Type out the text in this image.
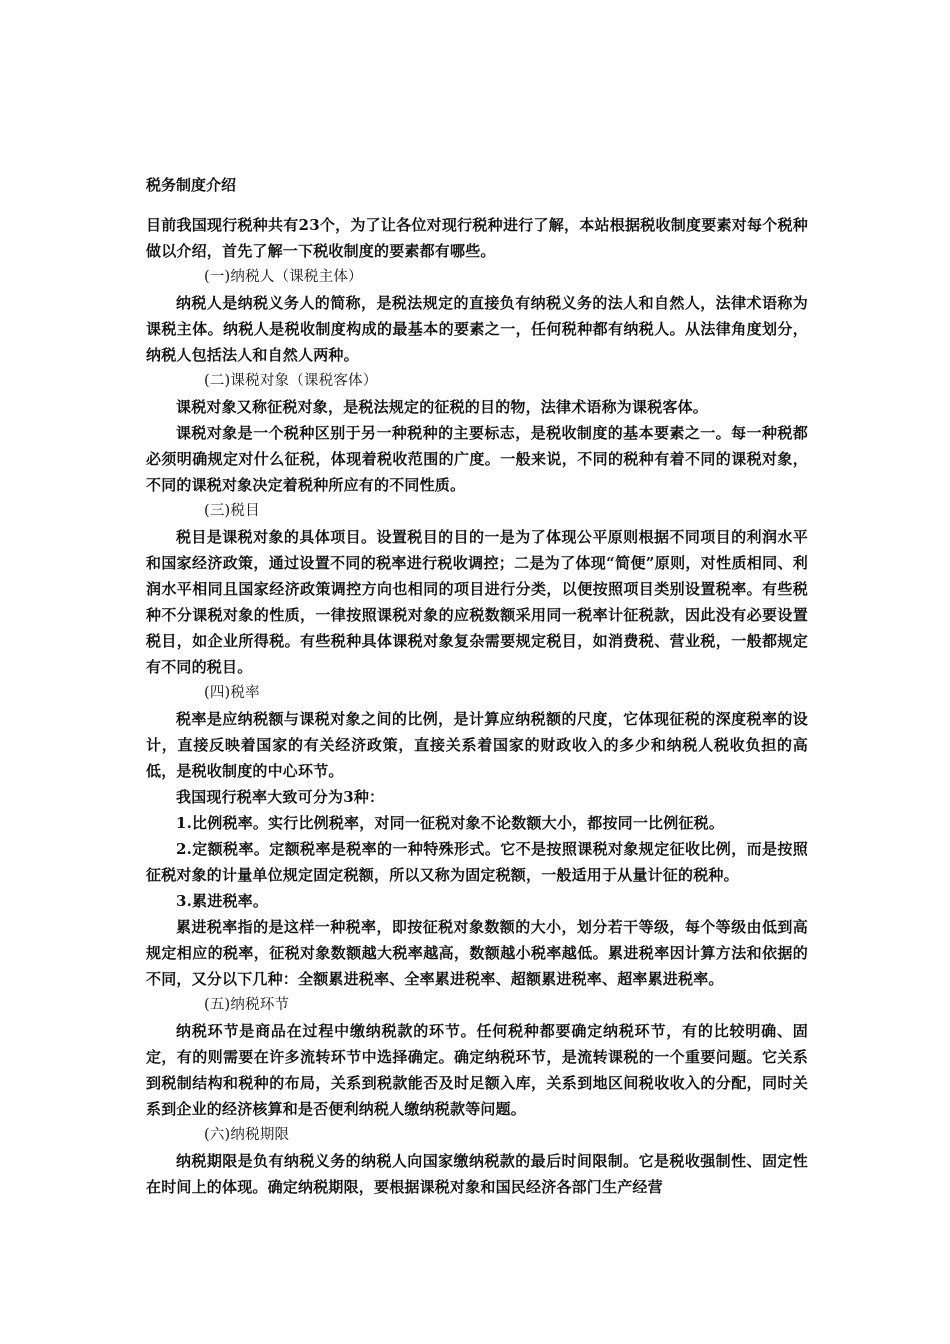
税务制度介绍

目前我国现行税种共有23个，为了让各位对现行税种进行了解，本站根据税收制度要素对每个税种做以介绍，首先了解一下税收制度的要素都有哪些。

(一)纳税人（课税主体）

纳税人是纳税义务人的简称，是税法规定的直接负有纳税义务的法人和自然人，法律术语称为课税主体。纳税人是税收制度构成的最基本的要素之一，任何税种都有纳税人。从法律角度划分，纳税人包括法人和自然人两种。

(二)课税对象（课税客体）

课税对象又称征税对象，是税法规定的征税的目的物，法律术语称为课税客体。

课税对象是一个税种区别于另一种税种的主要标志，是税收制度的基本要素之一。每一种税都必须明确规定对什么征税，体现着税收范围的广度。一般来说，不同的税种有着不同的课税对象，不同的课税对象决定着税种所应有的不同性质。

(三)税目

税目是课税对象的具体项目。设置税目的目的一是为了体现公平原则根据不同项目的利润水平和国家经济政策，通过设置不同的税率进行税收调控；二是为了体现“简便”原则，对性质相同、利润水平相同且国家经济政策调控方向也相同的项目进行分类，以便按照项目类别设置税率。有些税种不分课税对象的性质，一律按照课税对象的应税数额采用同一税率计征税款，因此没有必要设置税目，如企业所得税。有些税种具体课税对象复杂需要规定税目，如消费税、营业税，一般都规定有不同的税目。

(四)税率

税率是应纳税额与课税对象之间的比例，是计算应纳税额的尺度，它体现征税的深度税率的设计，直接反映着国家的有关经济政策，直接关系着国家的财政收入的多少和纳税人税收负担的高低，是税收制度的中心环节。

我国现行税率大致可分为3种：

1.比例税率。实行比例税率，对同一征税对象不论数额大小，都按同一比例征税。

2.定额税率。定额税率是税率的一种特殊形式。它不是按照课税对象规定征收比例，而是按照征税对象的计量单位规定固定税额，所以又称为固定税额，一般适用于从量计征的税种。

3.累进税率。

累进税率指的是这样一种税率，即按征税对象数额的大小，划分若干等级，每个等级由低到高规定相应的税率，征税对象数额越大税率越高，数额越小税率越低。累进税率因计算方法和依据的不同，又分以下几种：全额累进税率、全率累进税率、超额累进税率、超率累进税率。

(五)纳税环节

纳税环节是商品在过程中缴纳税款的环节。任何税种都要确定纳税环节，有的比较明确、固定，有的则需要在许多流转环节中选择确定。确定纳税环节，是流转课税的一个重要问题。它关系到税制结构和税种的布局，关系到税款能否及时足额入库，关系到地区间税收收入的分配，同时关系到企业的经济核算和是否便利纳税人缴纳税款等问题。

(六)纳税期限

纳税期限是负有纳税义务的纳税人向国家缴纳税款的最后时间限制。它是税收强制性、固定性在时间上的体现。确定纳税期限，要根据课税对象和国民经济各部门生产经营
